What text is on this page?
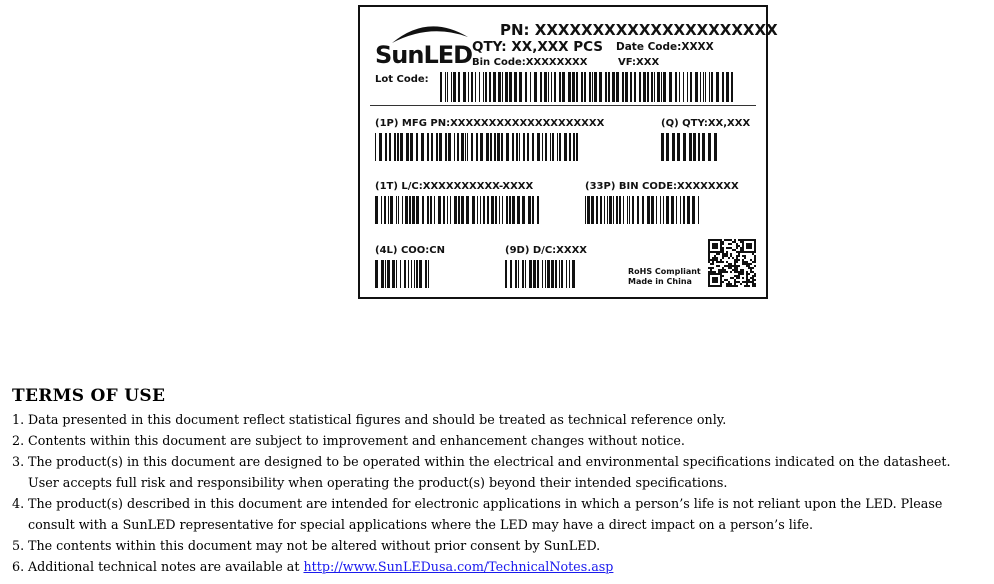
SunLED
PN: XXXXXXXXXXXXXXXXXXXXX
QTY: XX,XXX PCS Date Code:XXXX
Bin Code:XXXXXXXX	VF:XXX
Lot Code:
(1P) MFG PN:XXXXXXXXXXXXXXXXXXXX	(Q) QTY:XX,XXX
(1T) L/C:XXXXXXXXXX-XXXX	(33P) BIN CODE:XXXXXXXX
(4L) COO:CN	(9D) D/C:XXXX
RoHS Compliant
Made in China
TERMS OF USE
1. Data presented in this document reflect statistical figures and should be treated as technical reference only.
2. Contents within this document are subject to improvement and enhancement changes without notice.
3. The product(s) in this document are designed to be operated within the electrical and environmental specifications indicated on the datasheet.
User accepts full risk and responsibility when operating the product(s) beyond their intended specifications.
4. The product(s) described in this document are intended for electronic applications in which a person’s life is not reliant upon the LED. Please
consult with a SunLED representative for special applications where the LED may have a direct impact on a person’s life.
5. The contents within this document may not be altered without prior consent by SunLED.
6. Additional technical notes are available at http://www.SunLEDusa.com/TechnicalNotes.asp
